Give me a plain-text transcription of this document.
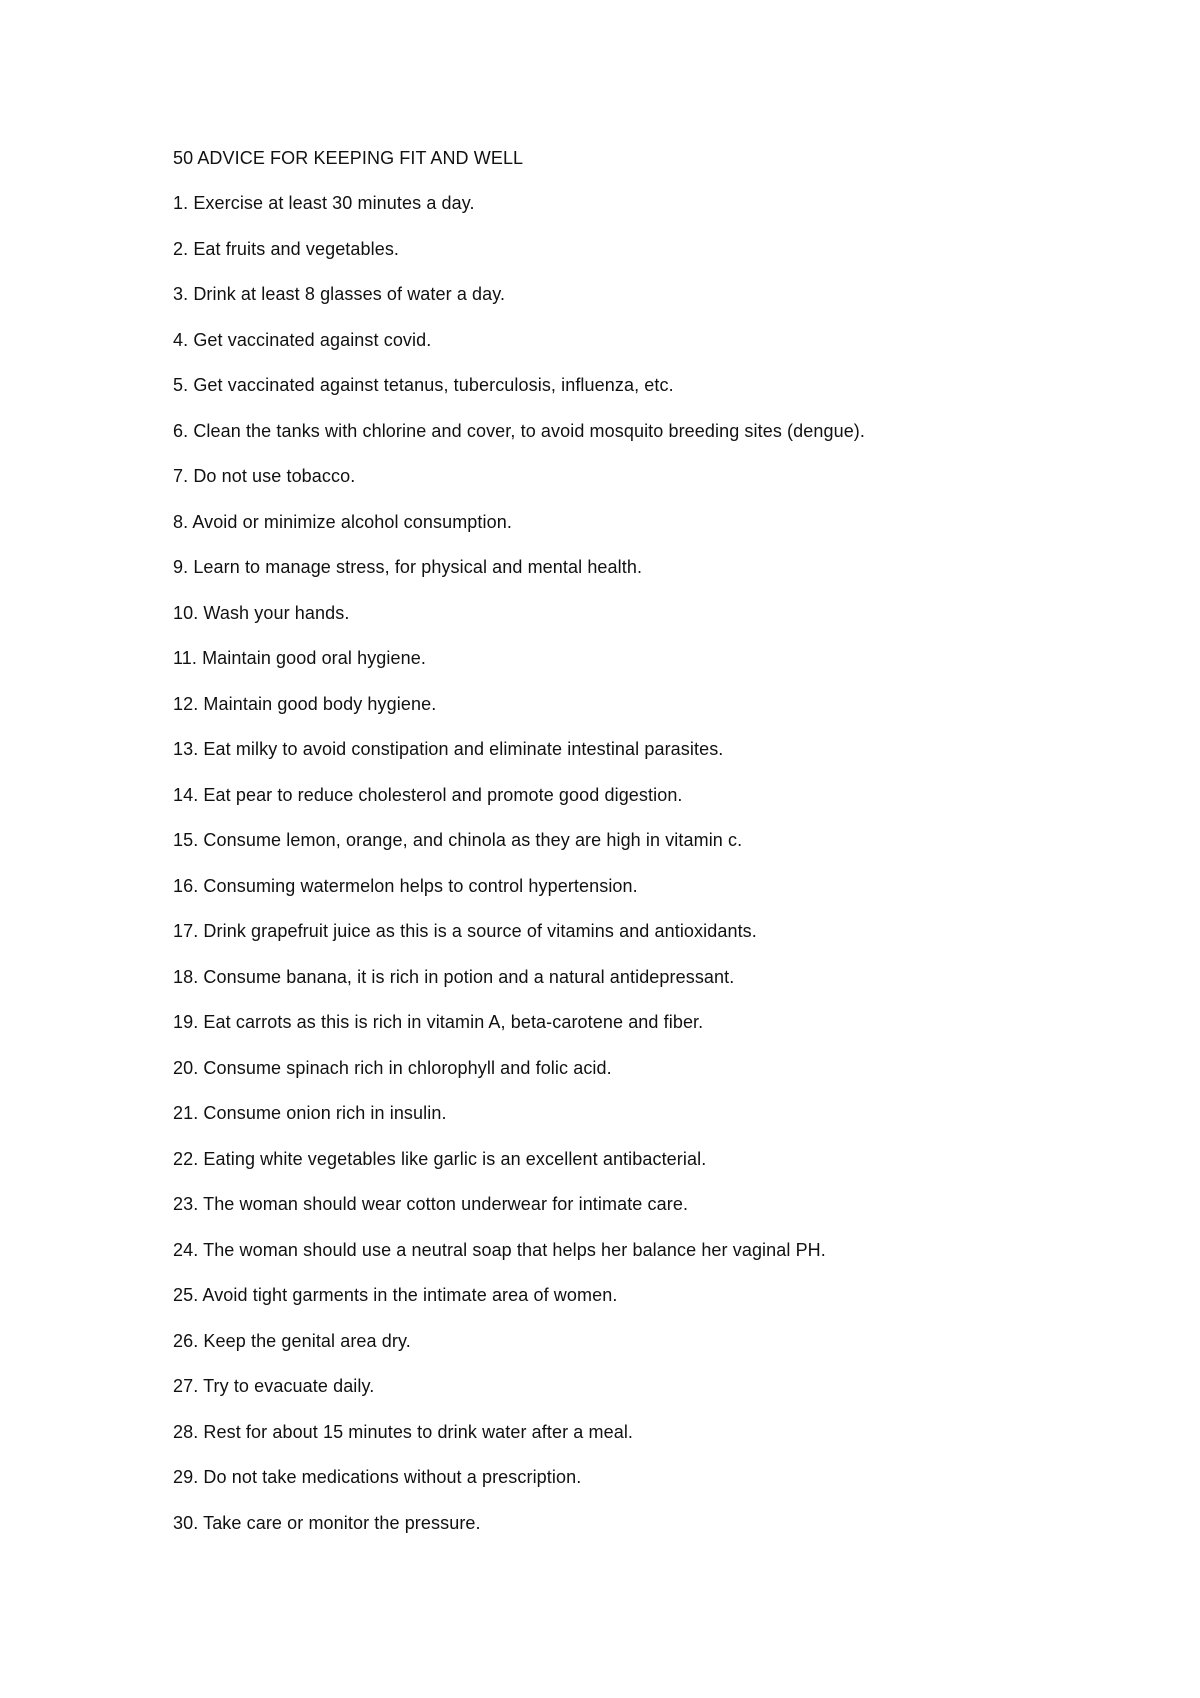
50 ADVICE FOR KEEPING FIT AND WELL
1. Exercise at least 30 minutes a day.
2. Eat fruits and vegetables.
3. Drink at least 8 glasses of water a day.
4. Get vaccinated against covid.
5. Get vaccinated against tetanus, tuberculosis, influenza, etc.
6. Clean the tanks with chlorine and cover, to avoid mosquito breeding sites (dengue).
7. Do not use tobacco.
8. Avoid or minimize alcohol consumption.
9. Learn to manage stress, for physical and mental health.
10. Wash your hands.
11. Maintain good oral hygiene.
12. Maintain good body hygiene.
13. Eat milky to avoid constipation and eliminate intestinal parasites.
14. Eat pear to reduce cholesterol and promote good digestion.
15. Consume lemon, orange, and chinola as they are high in vitamin c.
16. Consuming watermelon helps to control hypertension.
17. Drink grapefruit juice as this is a source of vitamins and antioxidants.
18. Consume banana, it is rich in potion and a natural antidepressant.
19. Eat carrots as this is rich in vitamin A, beta-carotene and fiber.
20. Consume spinach rich in chlorophyll and folic acid.
21. Consume onion rich in insulin.
22. Eating white vegetables like garlic is an excellent antibacterial.
23. The woman should wear cotton underwear for intimate care.
24. The woman should use a neutral soap that helps her balance her vaginal PH.
25. Avoid tight garments in the intimate area of women.
26. Keep the genital area dry.
27. Try to evacuate daily.
28. Rest for about 15 minutes to drink water after a meal.
29. Do not take medications without a prescription.
30. Take care or monitor the pressure.
